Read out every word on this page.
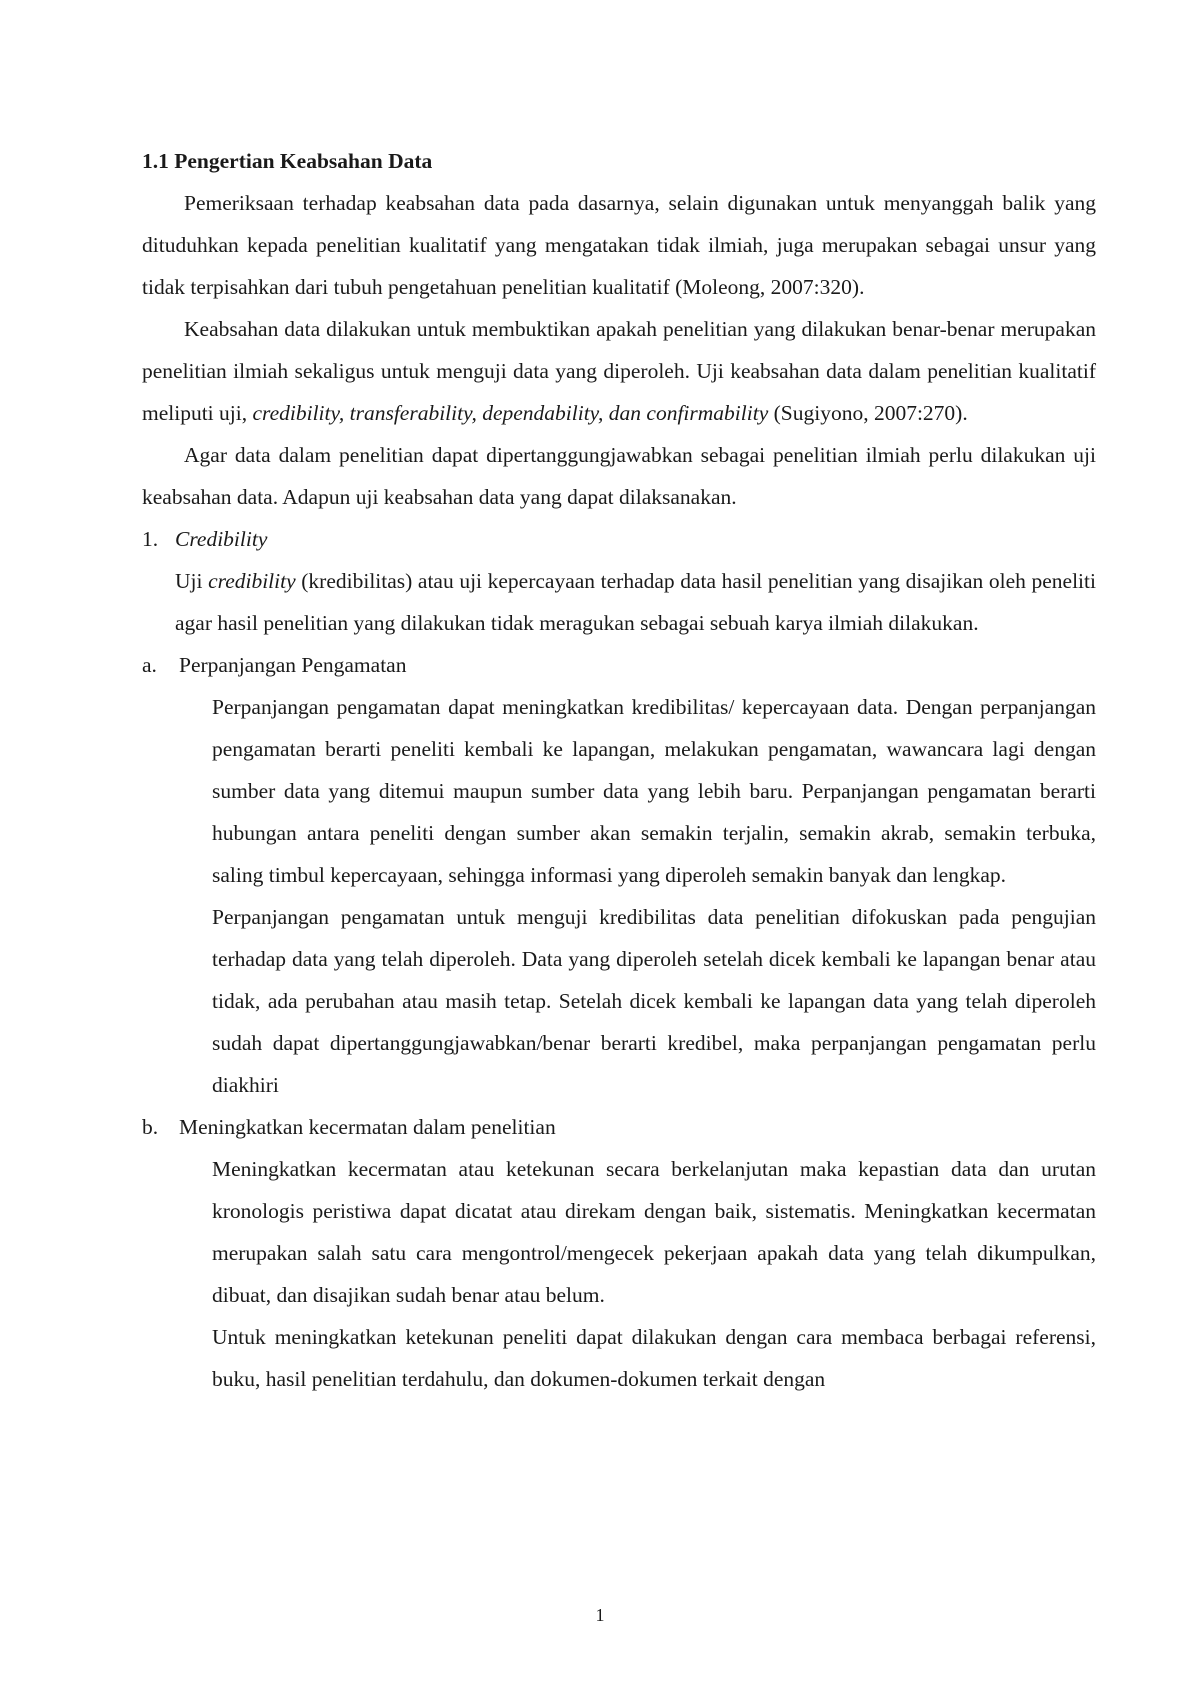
1.1 Pengertian Keabsahan Data

Pemeriksaan terhadap keabsahan data pada dasarnya, selain digunakan untuk menyanggah balik yang dituduhkan kepada penelitian kualitatif yang mengatakan tidak ilmiah, juga merupakan sebagai unsur yang tidak terpisahkan dari tubuh pengetahuan penelitian kualitatif (Moleong, 2007:320).

Keabsahan data dilakukan untuk membuktikan apakah penelitian yang dilakukan benar-benar merupakan penelitian ilmiah sekaligus untuk menguji data yang diperoleh. Uji keabsahan data dalam penelitian kualitatif meliputi uji, credibility, transferability, dependability, dan confirmability (Sugiyono, 2007:270).

Agar data dalam penelitian dapat dipertanggungjawabkan sebagai penelitian ilmiah perlu dilakukan uji keabsahan data. Adapun uji keabsahan data yang dapat dilaksanakan.

1. Credibility

Uji credibility (kredibilitas) atau uji kepercayaan terhadap data hasil penelitian yang disajikan oleh peneliti agar hasil penelitian yang dilakukan tidak meragukan sebagai sebuah karya ilmiah dilakukan.

a.	Perpanjangan Pengamatan

Perpanjangan pengamatan dapat meningkatkan kredibilitas/ kepercayaan data. Dengan perpanjangan pengamatan berarti peneliti kembali ke lapangan, melakukan pengamatan, wawancara lagi dengan sumber data yang ditemui maupun sumber data yang lebih baru. Perpanjangan pengamatan berarti hubungan antara peneliti dengan sumber akan semakin terjalin, semakin akrab, semakin terbuka, saling timbul kepercayaan, sehingga informasi yang diperoleh semakin banyak dan lengkap.

Perpanjangan pengamatan untuk menguji kredibilitas data penelitian difokuskan pada pengujian terhadap data yang telah diperoleh. Data yang diperoleh setelah dicek kembali ke lapangan benar atau tidak, ada perubahan atau masih tetap. Setelah dicek kembali ke lapangan data yang telah diperoleh sudah dapat dipertanggungjawabkan/benar berarti kredibel, maka perpanjangan pengamatan perlu diakhiri

b. Meningkatkan kecermatan dalam penelitian

Meningkatkan kecermatan atau ketekunan secara berkelanjutan maka kepastian data dan urutan kronologis peristiwa dapat dicatat atau direkam dengan baik, sistematis. Meningkatkan kecermatan merupakan salah satu cara mengontrol/mengecek pekerjaan apakah data yang telah dikumpulkan, dibuat, dan disajikan sudah benar atau belum.

Untuk meningkatkan ketekunan peneliti dapat dilakukan dengan cara membaca berbagai referensi, buku, hasil penelitian terdahulu, dan dokumen-dokumen terkait dengan

1
